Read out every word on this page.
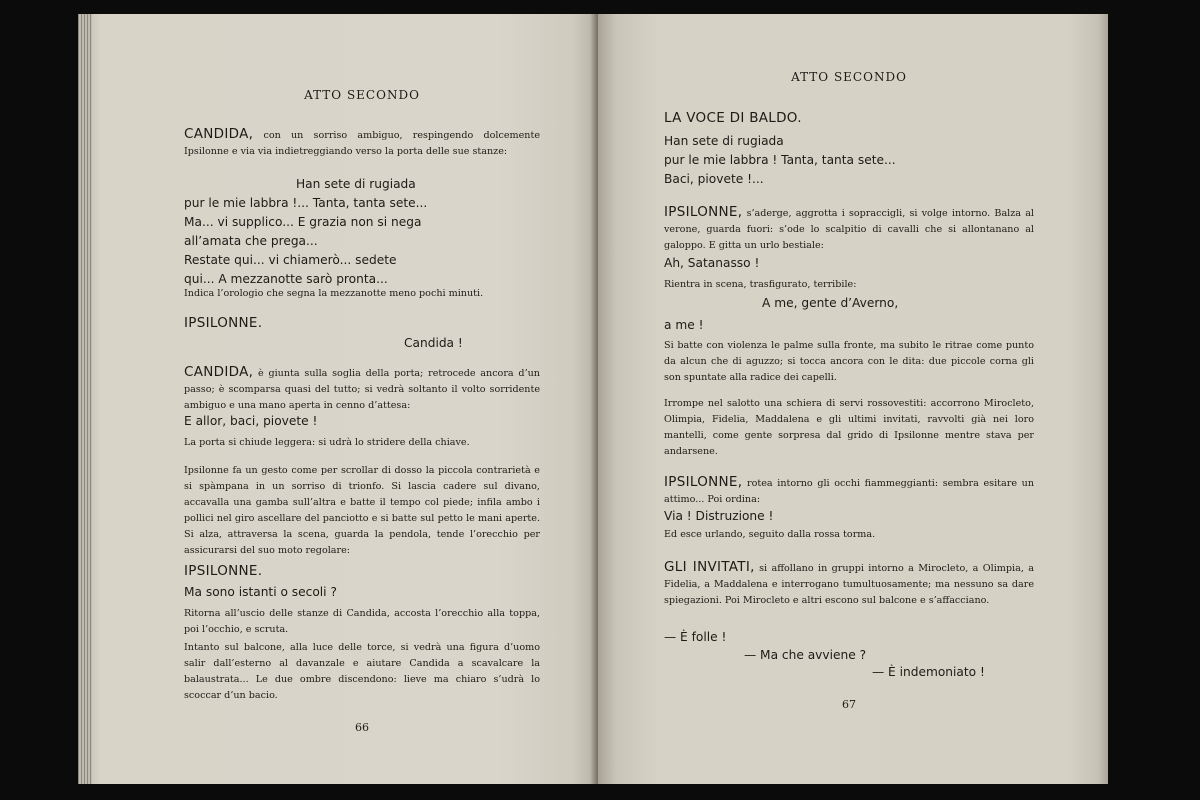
ATTO SECONDO
CANDIDA, con un sorriso ambiguo, respingendo dolcemente Ipsilonne e via via indietreggiando verso la porta delle sue stanze:
Han sete di rugiada
pur le mie labbra !... Tanta, tanta sete...
Ma... vi supplico... E grazia non si nega
all’amata che prega...
Restate qui... vi chiamerò... sedete
qui... A mezzanotte sarò pronta...
Indica l’orologio che segna la mezzanotte meno pochi minuti.
IPSILONNE.
Candida !
CANDIDA, è giunta sulla soglia della porta; retrocede ancora d’un passo; è scomparsa quasi del tutto; si vedrà soltanto il volto sorridente ambiguo e una mano aperta in cenno d’attesa:
E allor, baci, piovete !
La porta si chiude leggera: si udrà lo stridere della chiave.
Ipsilonne fa un gesto come per scrollar di dosso la piccola contrarietà e si spàmpana in un sorriso di trionfo. Si lascia cadere sul divano, accavalla una gamba sull’altra e batte il tempo col piede; infila ambo i pollici nel giro ascellare del panciotto e si batte sul petto le mani aperte. Si alza, attraversa la scena, guarda la pendola, tende l’orecchio per assicurarsi del suo moto regolare:
IPSILONNE.
Ma sono istanti o secoli ?
Ritorna all’uscio delle stanze di Candida, accosta l’orecchio alla toppa, poi l’occhio, e scruta.
Intanto sul balcone, alla luce delle torce, si vedrà una figura d’uomo salir dall’esterno al davanzale e aiutare Candida a scavalcare la balaustrata... Le due ombre discendono: lieve ma chiaro s’udrà lo scoccar d’un bacio.
66
ATTO SECONDO
LA VOCE DI BALDO.
Han sete di rugiada
pur le mie labbra ! Tanta, tanta sete...
Baci, piovete !...
IPSILONNE, s’aderge, aggrotta i sopraccigli, si volge intorno. Balza al verone, guarda fuori: s’ode lo scalpitio di cavalli che si allontanano al galoppo. E gitta un urlo bestiale:
Ah, Satanasso !
Rientra in scena, trasfigurato, terribile:
A me, gente d’Averno,
a me !
Si batte con violenza le palme sulla fronte, ma subito le ritrae come punto da alcun che di aguzzo; si tocca ancora con le dita: due piccole corna gli son spuntate alla radice dei capelli.
Irrompe nel salotto una schiera di servi rossovestiti: accorrono Mirocleto, Olimpia, Fidelia, Maddalena e gli ultimi invitati, ravvolti già nei loro mantelli, come gente sorpresa dal grido di Ipsilonne mentre stava per andarsene.
IPSILONNE, rotea intorno gli occhi fiammeggianti: sembra esitare un attimo... Poi ordina:
Via ! Distruzione !
Ed esce urlando, seguito dalla rossa torma.
GLI INVITATI, si affollano in gruppi intorno a Mirocleto, a Olimpia, a Fidelia, a Maddalena e interrogano tumultuosamente; ma nessuno sa dare spiegazioni. Poi Mirocleto e altri escono sul balcone e s’affacciano.
— È folle !
— Ma che avviene ?
— È indemoniato !
67
